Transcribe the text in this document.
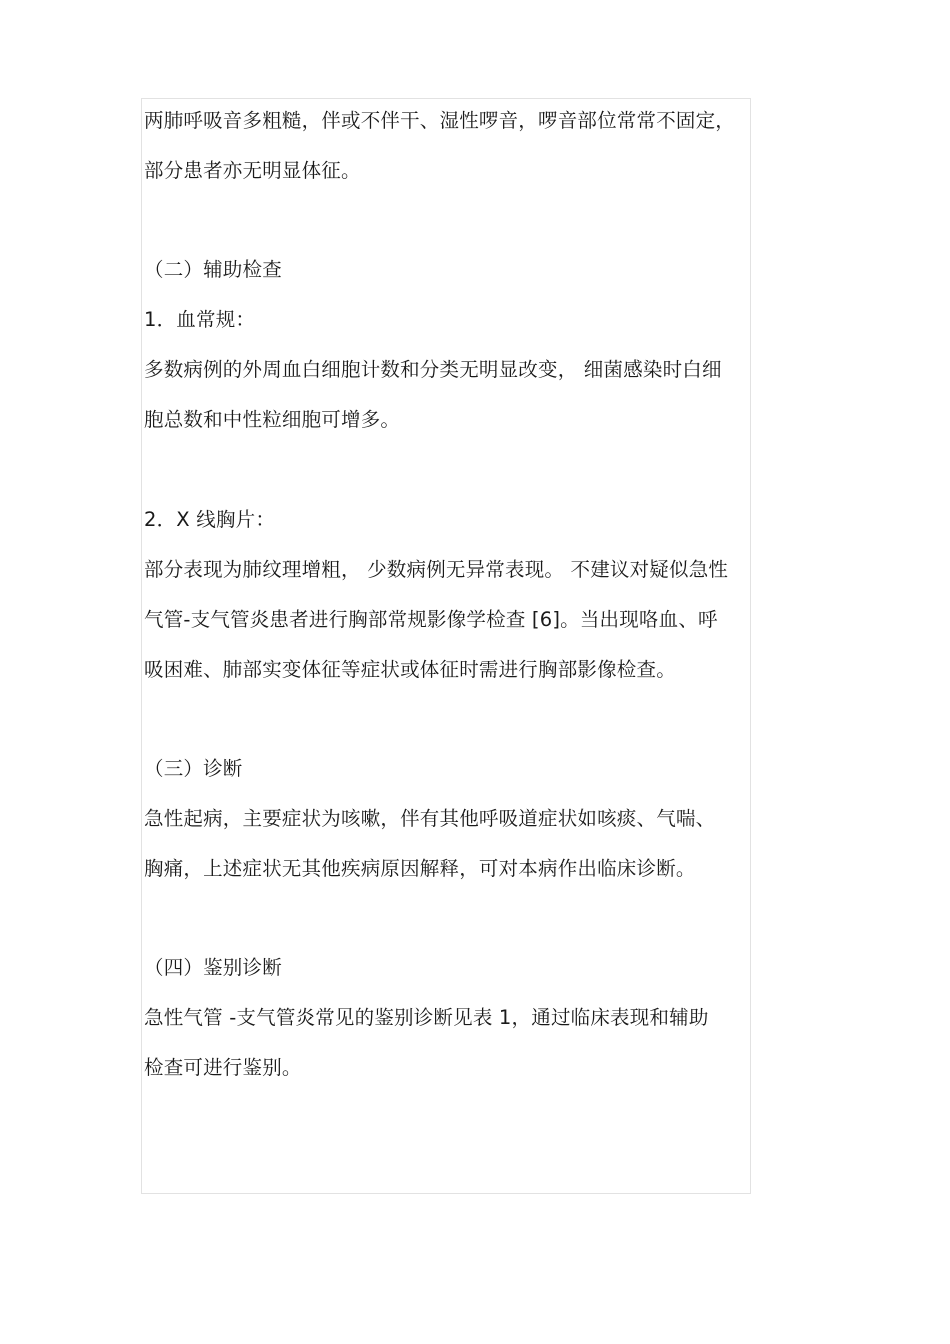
两肺呼吸音多粗糙，伴或不伴干、湿性啰音，啰音部位常常不固定，

部分患者亦无明显体征。

（二）辅助检查

1．血常规：

多数病例的外周血白细胞计数和分类无明显改变， 细菌感染时白细

胞总数和中性粒细胞可增多。

2．X 线胸片：

部分表现为肺纹理增粗， 少数病例无异常表现。 不建议对疑似急性

气管-支气管炎患者进行胸部常规影像学检查 [6]。当出现咯血、呼

吸困难、肺部实变体征等症状或体征时需进行胸部影像检查。

（三）诊断

急性起病，主要症状为咳嗽，伴有其他呼吸道症状如咳痰、气喘、

胸痛，上述症状无其他疾病原因解释，可对本病作出临床诊断。

（四）鉴别诊断

急性气管 -支气管炎常见的鉴别诊断见表 1，通过临床表现和辅助

检查可进行鉴别。
